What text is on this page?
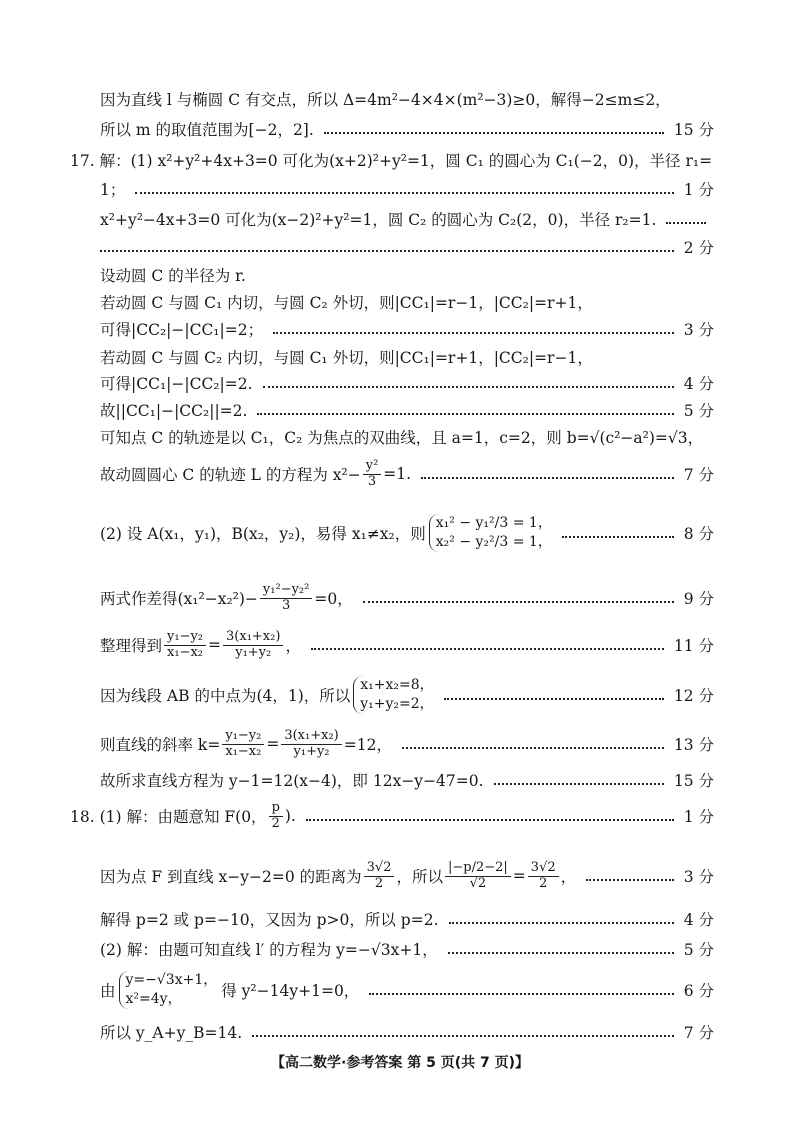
因为直线 l 与椭圆 C 有交点，所以 Δ=4m²−4×4×(m²−3)≥0，解得−2≤m≤2，
所以 m 的取值范围为[−2，2].	15 分
17. 解：(1) x²+y²+4x+3=0 可化为(x+2)²+y²=1，圆 C₁ 的圆心为 C₁(−2，0)，半径 r₁=
1；	1 分
x²+y²−4x+3=0 可化为(x−2)²+y²=1，圆 C₂ 的圆心为 C₂(2，0)，半径 r₂=1.
2 分
设动圆 C 的半径为 r.
若动圆 C 与圆 C₁ 内切，与圆 C₂ 外切，则|CC₁|=r−1，|CC₂|=r+1，
可得|CC₂|−|CC₁|=2；	3 分
若动圆 C 与圆 C₂ 内切，与圆 C₁ 外切，则|CC₁|=r+1，|CC₂|=r−1，
可得|CC₁|−|CC₂|=2.	4 分
故||CC₁|−|CC₂||=2.	5 分
可知点 C 的轨迹是以 C₁，C₂ 为焦点的双曲线，且 a=1，c=2，则 b=√(c²−a²)=√3，
故动圆圆心 C 的轨迹 L 的方程为 $x^2- \frac{\text{y²}}{3} =1$.	7 分
(2) 设 A(x₁，y₁)，B(x₂，y₂)，易得 x₁≠x₂，则
x₁² − y₁²/3 = 1，
x₂² − y₂²/3 = 1，	8 分
两式作差得$(x_1^2-x_2^2)- \frac{\text{y₁²−y₂²}}{3} =0$，	9 分
整理得到 $\frac{\text{y₁−y₂}}{\text{x₁−x₂}} = \frac{\text{3(x₁+x₂)}}{\text{y₁+y₂}}$ ，	11 分
因为线段 AB 的中点为(4，1)，所以
x₁+x₂=8，
y₁+y₂=2，	12 分
则直线的斜率 $k= \frac{\text{y₁−y₂}}{\text{x₁−x₂}} = \frac{\text{3(x₁+x₂)}}{\text{y₁+y₂}} =12$，	13 分
故所求直线方程为 y−1=12(x−4)，即 12x−y−47=0.	15 分
18. (1) 解：由题意知 F(0， $\frac{p}{2}$ ).	1 分
因为点 F 到直线 x−y−2=0 的距离为 $\frac{3√2}{2}$ ，所以 $\frac{|-p/2-2|}{√2} = \frac{3√2}{2}$ ，	3 分
解得 p=2 或 p=−10，又因为 p>0，所以 p=2.	4 分
(2) 解：由题可知直线 l′ 的方程为 y=−√3x+1，	5 分
由
y=−√3x+1，
x²=4y，	得 y²−14y+1=0，	6 分
所以 y_A+y_B=14.	7 分
【高二数学·参考答案 第 5 页(共 7 页)】
